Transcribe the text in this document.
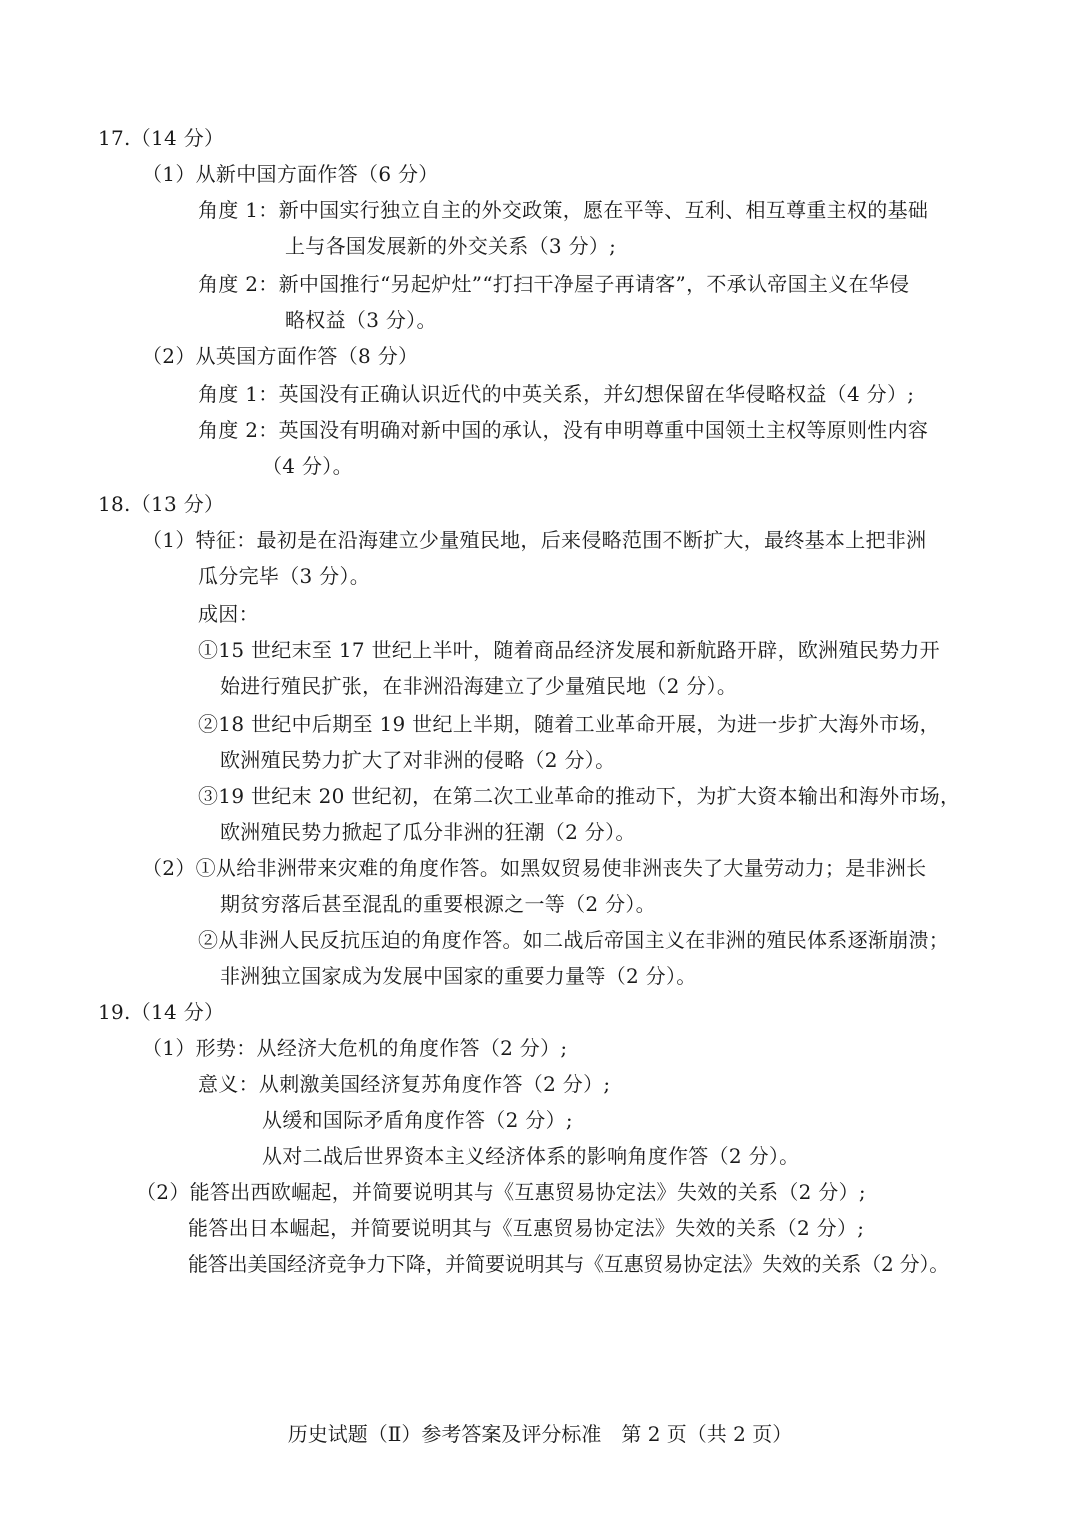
17.（14 分）
（1）从新中国方面作答（6 分）
角度 1：新中国实行独立自主的外交政策，愿在平等、互利、相互尊重主权的基础
上与各国发展新的外交关系（3 分）;
角度 2：新中国推行“另起炉灶”“打扫干净屋子再请客”，不承认帝国主义在华侵
略权益（3 分）。
（2）从英国方面作答（8 分）
角度 1：英国没有正确认识近代的中英关系，并幻想保留在华侵略权益（4 分）;
角度 2：英国没有明确对新中国的承认，没有申明尊重中国领土主权等原则性内容
（4 分）。
18.（13 分）
（1）特征：最初是在沿海建立少量殖民地，后来侵略范围不断扩大，最终基本上把非洲
瓜分完毕（3 分）。
成因：
①15 世纪末至 17 世纪上半叶，随着商品经济发展和新航路开辟，欧洲殖民势力开
始进行殖民扩张，在非洲沿海建立了少量殖民地（2 分）。
②18 世纪中后期至 19 世纪上半期，随着工业革命开展，为进一步扩大海外市场，
欧洲殖民势力扩大了对非洲的侵略（2 分）。
③19 世纪末 20 世纪初，在第二次工业革命的推动下，为扩大资本输出和海外市场，
欧洲殖民势力掀起了瓜分非洲的狂潮（2 分）。
（2）①从给非洲带来灾难的角度作答。如黑奴贸易使非洲丧失了大量劳动力；是非洲长
期贫穷落后甚至混乱的重要根源之一等（2 分）。
②从非洲人民反抗压迫的角度作答。如二战后帝国主义在非洲的殖民体系逐渐崩溃；
非洲独立国家成为发展中国家的重要力量等（2 分）。
19.（14 分）
（1）形势：从经济大危机的角度作答（2 分）;
意义：从刺激美国经济复苏角度作答（2 分）;
从缓和国际矛盾角度作答（2 分）;
从对二战后世界资本主义经济体系的影响角度作答（2 分）。
（2）能答出西欧崛起，并简要说明其与《互惠贸易协定法》失效的关系（2 分）;
能答出日本崛起，并简要说明其与《互惠贸易协定法》失效的关系（2 分）;
能答出美国经济竞争力下降，并简要说明其与《互惠贸易协定法》失效的关系（2 分）。
历史试题（Ⅱ）参考答案及评分标准　第 2 页（共 2 页）
